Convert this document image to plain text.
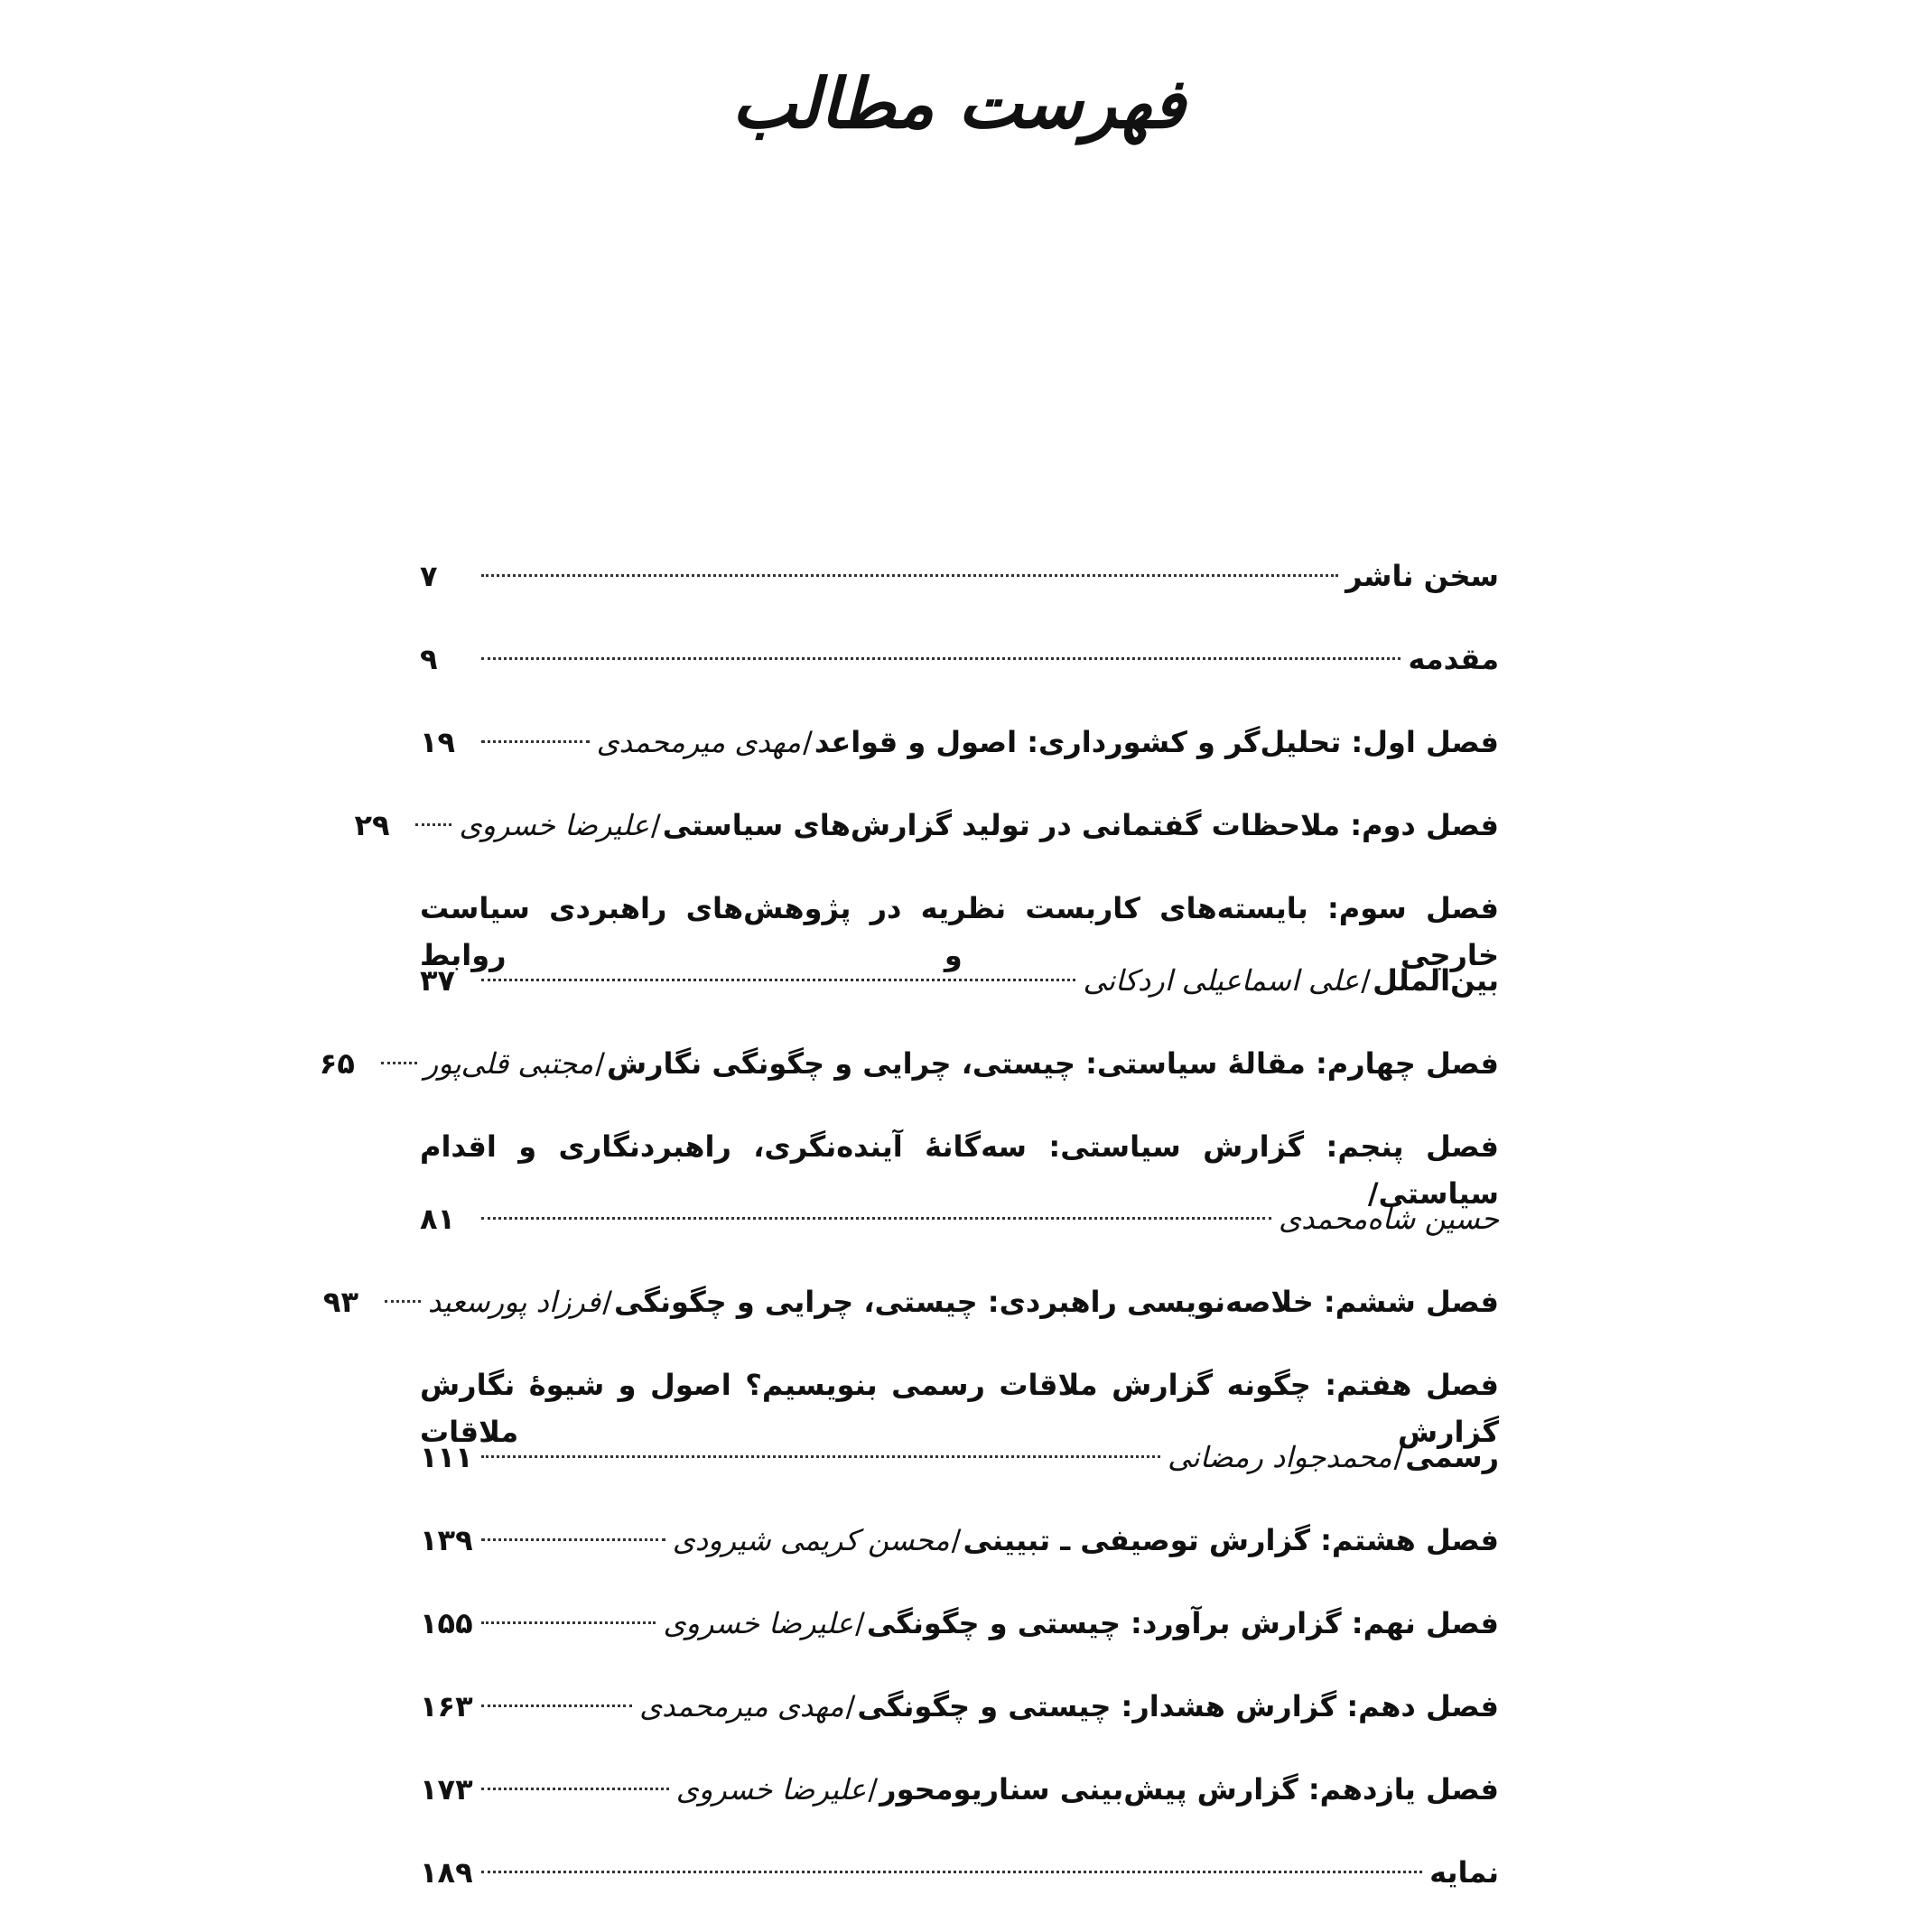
فهرست مطالب
سخن ناشر
۷
مقدمه
۹
فصل اول: تحلیل‌گر و کشورداری: اصول و قواعد
/
مهدی میرمحمدی
۱۹
فصل دوم: ملاحظات گفتمانی در تولید گزارش‌های سیاستی
/
علیرضا خسروی
۲۹
فصل سوم: بایسته‌های کاربست نظریه در پژوهش‌های راهبردی سیاست خارجی و روابط
بین‌الملل
/
علی اسماعیلی اردکانی
۳۷
فصل چهارم: مقالهٔ سیاستی: چیستی، چرایی و چگونگی نگارش
/
مجتبی قلی‌پور
۶۵
فصل پنجم: گزارش سیاستی: سه‌گانهٔ آینده‌نگری، راهبردنگاری و اقدام سیاستی/
حسین شاه‌محمدی
۸۱
فصل ششم: خلاصه‌نویسی راهبردی: چیستی، چرایی و چگونگی
/
فرزاد پورسعید
۹۳
فصل هفتم: چگونه گزارش ملاقات رسمی بنویسیم؟ اصول و شیوهٔ نگارش گزارش ملاقات
رسمی
/
محمدجواد رمضانی
۱۱۱
فصل هشتم: گزارش توصیفی ـ تبیینی
/
محسن کریمی شیرودی
۱۳۹
فصل نهم: گزارش برآورد: چیستی و چگونگی
/
علیرضا خسروی
۱۵۵
فصل دهم: گزارش هشدار: چیستی و چگونگی
/
مهدی میرمحمدی
۱۶۳
فصل یازدهم: گزارش پیش‌بینی سناریومحور
/
علیرضا خسروی
۱۷۳
نمایه
۱۸۹
